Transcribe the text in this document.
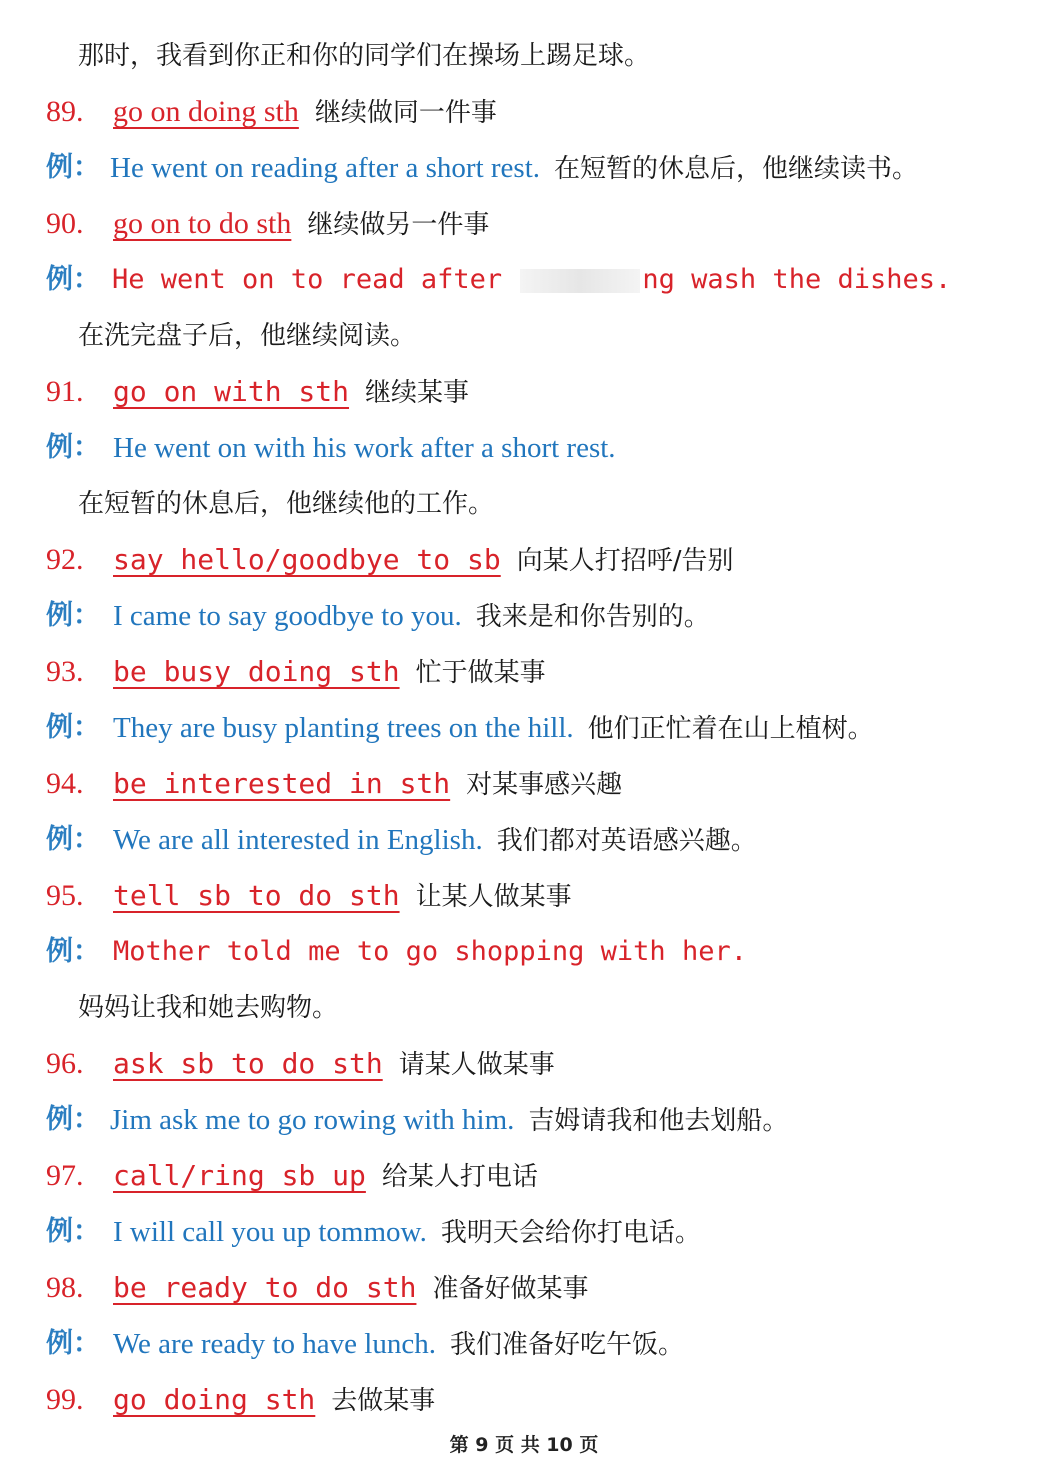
那时，我看到你正和你的同学们在操场上踢足球。
89. go on doing sth 继续做同一件事
例： He went on reading after a short rest. 在短暂的休息后，他继续读书。
90. go on to do sth 继续做另一件事
例： He went on to read after	ng wash the dishes.
在洗完盘子后，他继续阅读。
91. go on with sth 继续某事
例： He went on with his work after a short rest.
在短暂的休息后，他继续他的工作。
92. say hello/goodbye to sb 向某人打招呼/告别
例： I came to say goodbye to you. 我来是和你告别的。
93. be busy doing sth 忙于做某事
例： They are busy planting trees on the hill. 他们正忙着在山上植树。
94. be interested in sth 对某事感兴趣
例： We are all interested in English. 我们都对英语感兴趣。
95. tell sb to do sth 让某人做某事
例： Mother told me to go shopping with her.
妈妈让我和她去购物。
96. ask sb to do sth 请某人做某事
例： Jim ask me to go rowing with him. 吉姆请我和他去划船。
97. call/ring sb up 给某人打电话
例： I will call you up tommow. 我明天会给你打电话。
98. be ready to do sth 准备好做某事
例： We are ready to have lunch. 我们准备好吃午饭。
99. go doing sth 去做某事
第 9 页 共 10 页
